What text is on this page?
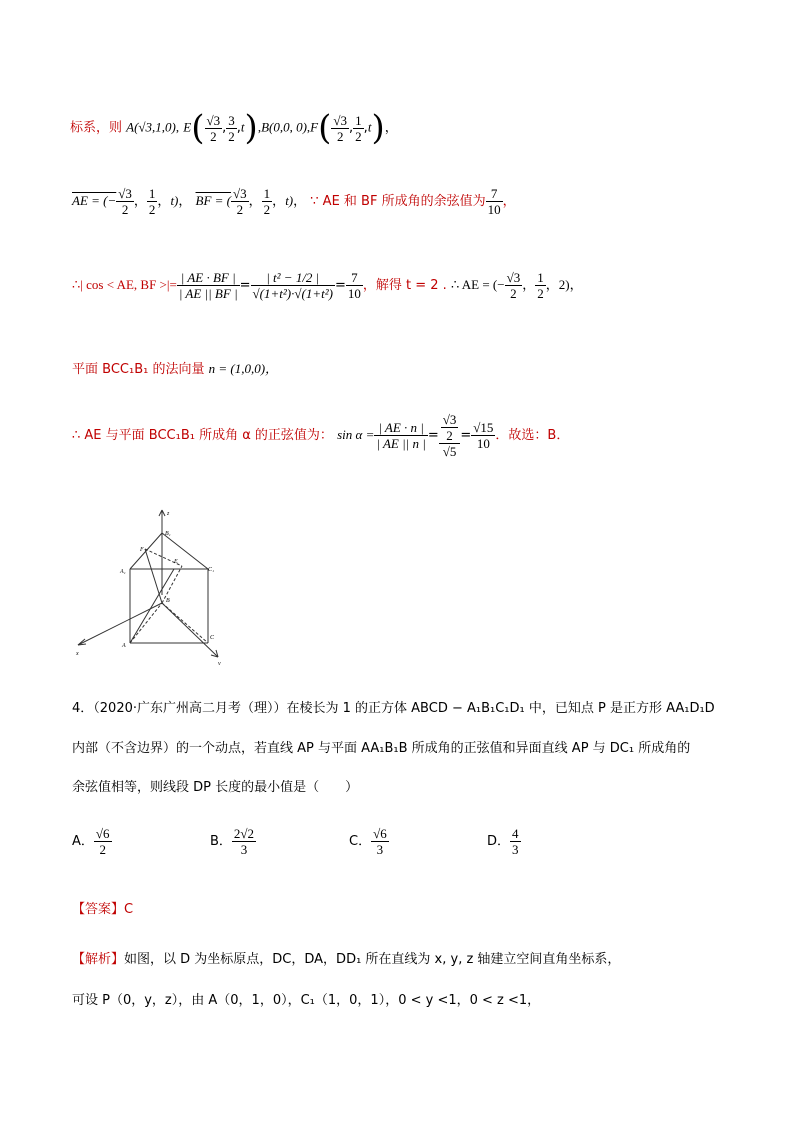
标系，则 A(√3,1,0), $E( \frac{√3}{2}$ , $\frac{3}{2} ,t),B(0,0$, $0),F( \frac{√3}{2}$ , $\frac{1}{2} ,t$)，
AE = (− $\frac{√3}{2}$ ， $\frac{1}{2}$ ，t)， BF = ( $\frac{√3}{2}$ ， $\frac{1}{2}$ ，t)， ∵ AE 和 BF 所成角的余弦值为 $\frac{7}{10}$ ，
∴| cos < AE, BF >|= $\frac{| AE \cdot BF |}{| AE || BF |} = \frac{\text{| t² − 1/2 |}}{\text{√(1+t²)·√(1+t²)}} = \frac{7}{10}$ ，解得 t = 2 . ∴ AE = (− $\frac{√3}{2}$ ， $\frac{1}{2}$ ，2)，
平面 BCC₁B₁ 的法向量 n = (1,0,0)，
∴ AE 与平面 BCC₁B₁ 所成角 α 的正弦值为： $\sin \alpha = \frac{| AE \cdot n |}{| AE || n |} = \frac{\frac{√3}{2}}{√5} = \frac{√15}{10}$ ．故选：B．
z
B₁
F
A₁
E
C₁
B
A
C
x
y
4．（2020·广东广州高二月考（理））在棱长为 1 的正方体 ABCD − A₁B₁C₁D₁ 中，已知点 P 是正方形 AA₁D₁D
内部（不含边界）的一个动点，若直线 AP 与平面 AA₁B₁B 所成角的正弦值和异面直线 AP 与 DC₁ 所成角的
余弦值相等，则线段 DP 长度的最小值是（　　）
A． $\frac{√6}{2}$	B． $\frac{2√2}{3}$	C． $\frac{√6}{3}$	D． $\frac{4}{3}$
【答案】C
【解析】如图，以 D 为坐标原点，DC，DA，DD₁ 所在直线为 x, y, z 轴建立空间直角坐标系，
可设 P（0，y，z），由 A（0，1，0），C₁（1，0，1），0 < y <1，0 < z <1，
